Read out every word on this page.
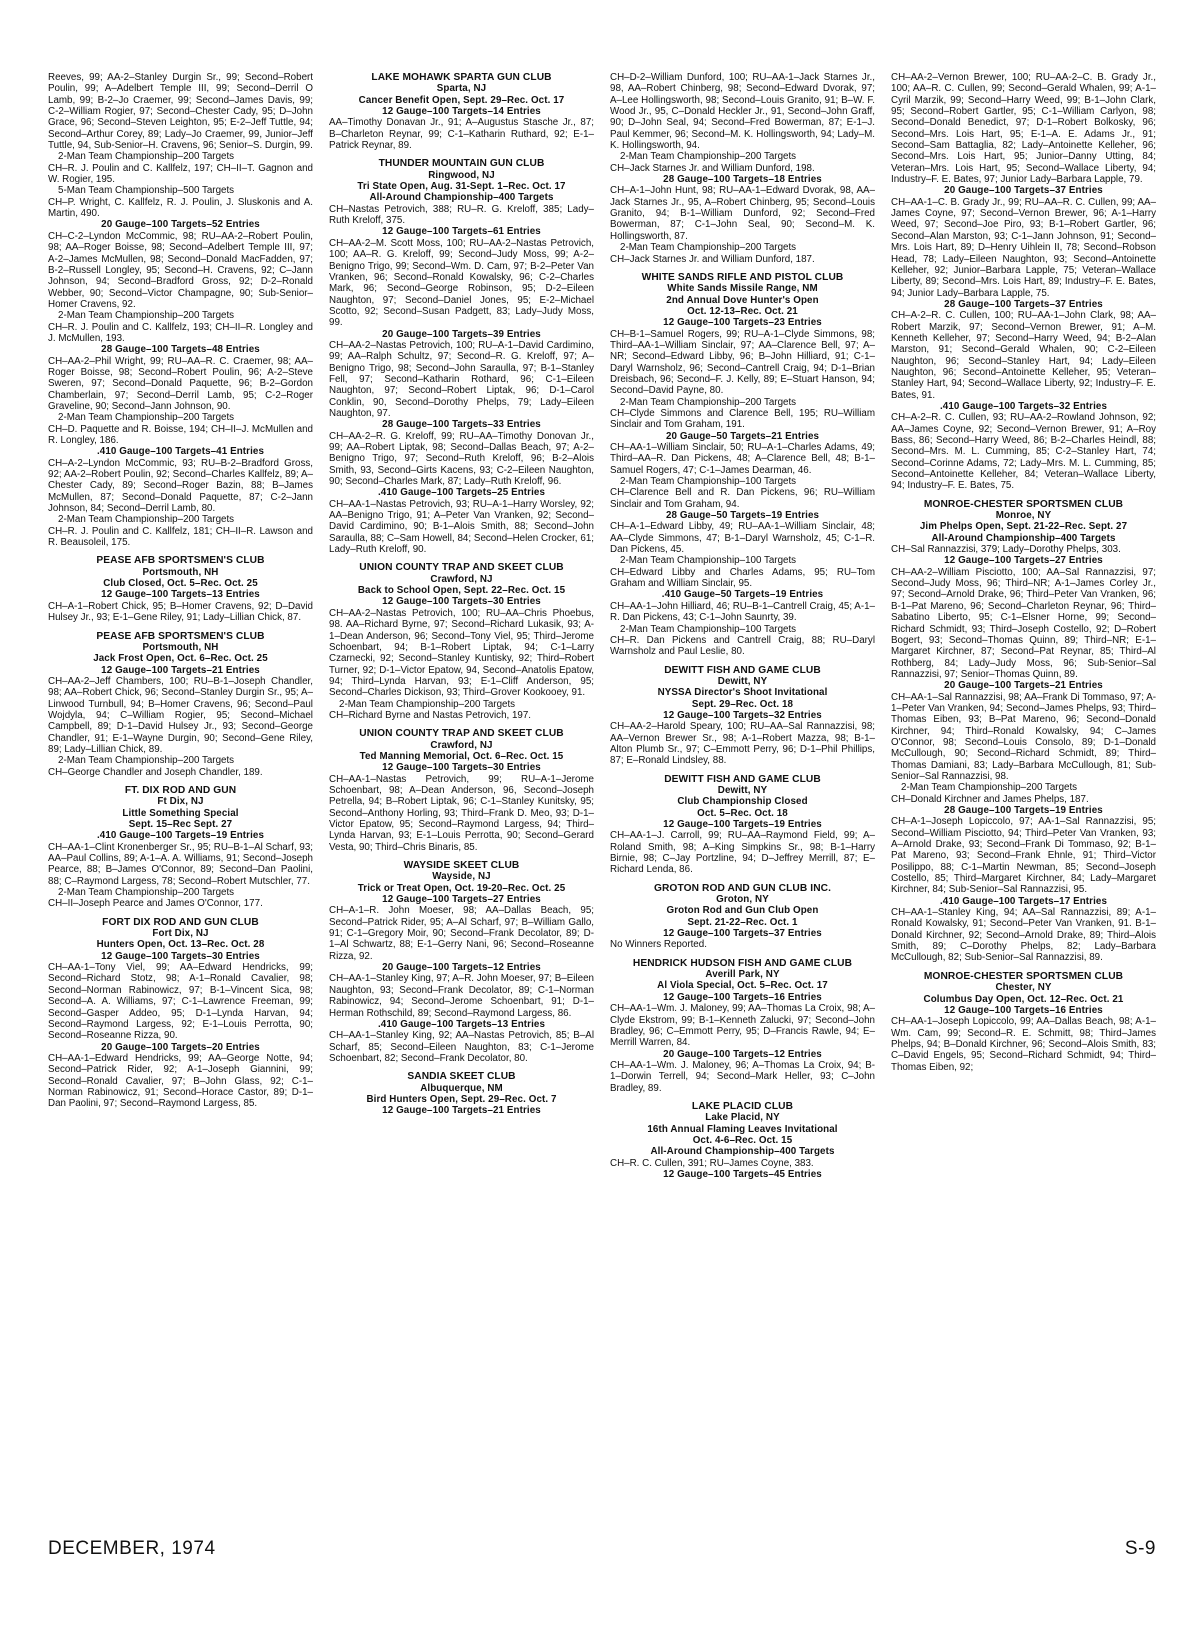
Reeves, 99; AA-2–Stanley Durgin Sr., 99; Second–Robert Poulin, 99; A–Adelbert Temple III, 99; Second–Derril O Lamb, 99; B-2–Jo Craemer, 99; Second–James Davis, 99; C-2–William Rogier, 97; Second–Chester Cady, 95; D–John Grace, 96; Second–Steven Leighton, 95; E-2–Jeff Tuttle, 94; Second–Arthur Corey, 89; Lady–Jo Craemer, 99, Junior–Jeff Tuttle, 94, Sub-Senior–H. Cravens, 96; Senior–S. Durgin, 99.

2-Man Team Championship–200 Targets

CH–R. J. Poulin and C. Kallfelz, 197; CH–II–T. Gagnon and W. Rogier, 195.

5-Man Team Championship–500 Targets

CH–P. Wright, C. Kallfelz, R. J. Poulin, J. Sluskonis and A. Martin, 490.

20 Gauge–100 Targets–52 Entries

CH–C-2–Lyndon McCommic, 98; RU–AA-2–Robert Poulin, 98; AA–Roger Boisse, 98; Second–Adelbert Temple III, 97; A-2–James McMullen, 98; Second–Donald MacFadden, 97; B-2–Russell Longley, 95; Second–H. Cravens, 92; C–Jann Johnson, 94; Second–Bradford Gross, 92; D-2–Ronald Webber, 90; Second–Victor Champagne, 90; Sub-Senior–Homer Cravens, 92.

2-Man Team Championship–200 Targets

CH–R. J. Poulin and C. Kallfelz, 193; CH–II–R. Longley and J. McMullen, 193.

28 Gauge–100 Targets–48 Entries

CH–AA-2–Phil Wright, 99; RU–AA–R. C. Craemer, 98; AA–Roger Boisse, 98; Second–Robert Poulin, 96; A-2–Steve Sweren, 97; Second–Donald Paquette, 96; B-2–Gordon Chamberlain, 97; Second–Derril Lamb, 95; C-2–Roger Graveline, 90; Second–Jann Johnson, 90.

2-Man Team Championship–200 Targets

CH–D. Paquette and R. Boisse, 194; CH–II–J. McMullen and R. Longley, 186.

.410 Gauge–100 Targets–41 Entries

CH–A-2–Lyndon McCommic, 93; RU–B-2–Bradford Gross, 92; AA-2–Robert Poulin, 92; Second–Charles Kallfelz, 89; A–Chester Cady, 89; Second–Roger Bazin, 88; B–James McMullen, 87; Second–Donald Paquette, 87; C-2–Jann Johnson, 84; Second–Derril Lamb, 80.

2-Man Team Championship–200 Targets

CH–R. J. Poulin and C. Kallfelz, 181; CH–II–R. Lawson and R. Beausoleil, 175.

PEASE AFB SPORTSMEN'S CLUB
Portsmouth, NH
Club Closed, Oct. 5–Rec. Oct. 25

12 Gauge–100 Targets–13 Entries

CH–A-1–Robert Chick, 95; B–Homer Cravens, 92; D–David Hulsey Jr., 93; E-1–Gene Riley, 91; Lady–Lillian Chick, 87.

PEASE AFB SPORTSMEN'S CLUB
Portsmouth, NH
Jack Frost Open, Oct. 6–Rec. Oct. 25

12 Gauge–100 Targets–21 Entries

CH–AA-2–Jeff Chambers, 100; RU–B-1–Joseph Chandler, 98; AA–Robert Chick, 96; Second–Stanley Durgin Sr., 95; A–Linwood Turnbull, 94; B–Homer Cravens, 96; Second–Paul Wojdyla, 94; C–William Rogier, 95; Second–Michael Campbell, 89; D-1–David Hulsey Jr., 93; Second–George Chandler, 91; E-1–Wayne Durgin, 90; Second–Gene Riley, 89; Lady–Lillian Chick, 89.

2-Man Team Championship–200 Targets

CH–George Chandler and Joseph Chandler, 189.

FT. DIX ROD AND GUN
Ft Dix, NJ
Little Something Special

Sept. 15–Rec Sept. 27

.410 Gauge–100 Targets–19 Entries

CH–AA-1–Clint Kronenberger Sr., 95; RU–B-1–Al Scharf, 93; AA–Paul Collins, 89; A-1–A. A. Williams, 91; Second–Joseph Pearce, 88; B–James O'Connor, 89; Second–Dan Paolini, 88; C–Raymond Largess, 78; Second–Robert Mutschler, 77.

2-Man Team Championship–200 Targets

CH–II–Joseph Pearce and James O'Connor, 177.

FORT DIX ROD AND GUN CLUB
Fort Dix, NJ
Hunters Open, Oct. 13–Rec. Oct. 28

12 Gauge–100 Targets–30 Entries

CH–AA-1–Tony Viel, 99; AA–Edward Hendricks, 99; Second–Richard Stotz, 98; A-1–Ronald Cavalier, 98; Second–Norman Rabinowicz, 97; B-1–Vincent Sica, 98; Second–A. A. Williams, 97; C-1–Lawrence Freeman, 99; Second–Gasper Addeo, 95; D-1–Lynda Harvan, 94; Second–Raymond Largess, 92; E-1–Louis Perrotta, 90; Second–Roseanne Rizza, 90.

20 Gauge–100 Targets–20 Entries

CH–AA-1–Edward Hendricks, 99; AA–George Notte, 94; Second–Patrick Rider, 92; A-1–Joseph Giannini, 99; Second–Ronald Cavalier, 97; B–John Glass, 92; C-1–Norman Rabinowicz, 91; Second–Horace Castor, 89; D-1–Dan Paolini, 97; Second–Raymond Largess, 85.

LAKE MOHAWK SPARTA GUN CLUB
Sparta, NJ
Cancer Benefit Open, Sept. 29–Rec. Oct. 17

12 Gauge–100 Targets–14 Entries

AA–Timothy Donavan Jr., 91; A–Augustus Stasche Jr., 87; B–Charleton Reynar, 99; C-1–Katharin Ruthard, 92; E-1–Patrick Reynar, 89.

THUNDER MOUNTAIN GUN CLUB
Ringwood, NJ
Tri State Open, Aug. 31-Sept. 1–Rec. Oct. 17

All-Around Championship–400 Targets

CH–Nastas Petrovich, 388; RU–R. G. Kreloff, 385; Lady–Ruth Kreloff, 375.

12 Gauge–100 Targets–61 Entries

CH–AA-2–M. Scott Moss, 100; RU–AA-2–Nastas Petrovich, 100; AA–R. G. Kreloff, 99; Second–Judy Moss, 99; A-2–Benigno Trigo, 99; Second–Wm. D. Cam, 97; B-2–Peter Van Vranken, 96; Second–Ronald Kowalsky, 96; C-2–Charles Mark, 96; Second–George Robinson, 95; D-2–Eileen Naughton, 97; Second–Daniel Jones, 95; E-2–Michael Scotto, 92; Second–Susan Padgett, 83; Lady–Judy Moss, 99.

20 Gauge–100 Targets–39 Entries

CH–AA-2–Nastas Petrovich, 100; RU–A-1–David Cardimino, 99; AA–Ralph Schultz, 97; Second–R. G. Kreloff, 97; A–Benigno Trigo, 98; Second–John Saraulla, 97; B-1–Stanley Fell, 97; Second–Katharin Rothard, 96; C-1–Eileen Naughton, 97; Second–Robert Liptak, 96; D-1–Carol Conklin, 90, Second–Dorothy Phelps, 79; Lady–Eileen Naughton, 97.

28 Gauge–100 Targets–33 Entries

CH–AA-2–R. G. Kreloff, 99; RU–AA–Timothy Donovan Jr., 99; AA–Robert Liptak, 98; Second–Dallas Beach, 97; A-2–Benigno Trigo, 97; Second–Ruth Kreloff, 96; B-2–Alois Smith, 93, Second–Girts Kacens, 93; C-2–Eileen Naughton, 90; Second–Charles Mark, 87; Lady–Ruth Kreloff, 96.

.410 Gauge–100 Targets–25 Entries

CH–AA-1–Nastas Petrovich, 93; RU–A-1–Harry Worsley, 92; AA–Benigno Trigo, 91; A–Peter Van Vranken, 92; Second–David Cardimino, 90; B-1–Alois Smith, 88; Second–John Saraulla, 88; C–Sam Howell, 84; Second–Helen Crocker, 61; Lady–Ruth Kreloff, 90.

UNION COUNTY TRAP AND SKEET CLUB
Crawford, NJ
Back to School Open, Sept. 22–Rec. Oct. 15

12 Gauge–100 Targets–30 Entries

CH–AA-2–Nastas Petrovich, 100; RU–AA–Chris Phoebus, 98. AA–Richard Byrne, 97; Second–Richard Lukasik, 93; A-1–Dean Anderson, 96; Second–Tony Viel, 95; Third–Jerome Schoenbart, 94; B-1–Robert Liptak, 94; C-1–Larry Czarnecki, 92; Second–Stanley Kuntisky, 92; Third–Robert Turner, 92; D-1–Victor Epatow, 94, Second–Anatolis Epatow, 94; Third–Lynda Harvan, 93; E-1–Cliff Anderson, 95; Second–Charles Dickison, 93; Third–Grover Kookooey, 91.

2-Man Team Championship–200 Targets

CH–Richard Byrne and Nastas Petrovich, 197.

UNION COUNTY TRAP AND SKEET CLUB
Crawford, NJ
Ted Manning Memorial, Oct. 6–Rec. Oct. 15

12 Gauge–100 Targets–30 Entries

CH–AA-1–Nastas Petrovich, 99; RU–A-1–Jerome Schoenbart, 98; A–Dean Anderson, 96, Second–Joseph Petrella, 94; B–Robert Liptak, 96; C-1–Stanley Kunitsky, 95; Second–Anthony Horling, 93; Third–Frank D. Meo, 93; D-1–Victor Epatow, 95; Second–Raymond Largess, 94; Third–Lynda Harvan, 93; E-1–Louis Perrotta, 90; Second–Gerard Vesta, 90; Third–Chris Binaris, 85.

WAYSIDE SKEET CLUB
Wayside, NJ
Trick or Treat Open, Oct. 19-20–Rec. Oct. 25

12 Gauge–100 Targets–27 Entries

CH–A-1–R. John Moeser, 98; AA–Dallas Beach, 95; Second–Patrick Rider, 95; A–Al Scharf, 97; B–William Gallo, 91; C-1–Gregory Moir, 90; Second–Frank Decolator, 89; D-1–Al Schwartz, 88; E-1–Gerry Nani, 96; Second–Roseanne Rizza, 92.

20 Gauge–100 Targets–12 Entries

CH–AA-1–Stanley King, 97; A–R. John Moeser, 97; B–Eileen Naughton, 93; Second–Frank Decolator, 89; C-1–Norman Rabinowicz, 94; Second–Jerome Schoenbart, 91; D-1–Herman Rothschild, 89; Second–Raymond Largess, 86.

.410 Gauge–100 Targets–13 Entries

CH–AA-1–Stanley King, 92; AA–Nastas Petrovich, 85; B–Al Scharf, 85; Second–Eileen Naughton, 83; C-1–Jerome Schoenbart, 82; Second–Frank Decolator, 80.

SANDIA SKEET CLUB
Albuquerque, NM
Bird Hunters Open, Sept. 29–Rec. Oct. 7

12 Gauge–100 Targets–21 Entries

CH–D-2–William Dunford, 100; RU–AA-1–Jack Starnes Jr., 98, AA–Robert Chinberg, 98; Second–Edward Dvorak, 97; A–Lee Hollingsworth, 98; Second–Louis Granito, 91; B–W. F. Wood Jr., 95, C–Donald Heckler Jr., 91, Second–John Graff, 90; D–John Seal, 94; Second–Fred Bowerman, 87; E-1–J. Paul Kemmer, 96; Second–M. K. Hollingsworth, 94; Lady–M. K. Hollingsworth, 94.

2-Man Team Championship–200 Targets

CH–Jack Starnes Jr. and William Dunford, 198.

28 Gauge–100 Targets–18 Entries

CH–A-1–John Hunt, 98; RU–AA-1–Edward Dvorak, 98, AA–Jack Starnes Jr., 95, A–Robert Chinberg, 95; Second–Louis Granito, 94; B-1–William Dunford, 92; Second–Fred Bowerman, 87; C-1–John Seal, 90; Second–M. K. Hollingsworth, 87.

2-Man Team Championship–200 Targets

CH–Jack Starnes Jr. and William Dunford, 187.

WHITE SANDS RIFLE AND PISTOL CLUB
White Sands Missile Range, NM
2nd Annual Dove Hunter's Open

Oct. 12-13–Rec. Oct. 21

12 Gauge–100 Targets–23 Entries

CH–B-1–Samuel Rogers, 99; RU–A-1–Clyde Simmons, 98; Third–AA-1–William Sinclair, 97; AA–Clarence Bell, 97; A–NR; Second–Edward Libby, 96; B–John Hilliard, 91; C-1–Daryl Warnsholz, 96; Second–Cantrell Craig, 94; D-1–Brian Dreisbach, 96; Second–F. J. Kelly, 89; E–Stuart Hanson, 94; Second–David Payne, 80.

2-Man Team Championship–200 Targets

CH–Clyde Simmons and Clarence Bell, 195; RU–William Sinclair and Tom Graham, 191.

20 Gauge–50 Targets–21 Entries

CH–AA-1–William Sinclair, 50; RU–A-1–Charles Adams, 49; Third–AA–R. Dan Pickens, 48; A–Clarence Bell, 48; B-1–Samuel Rogers, 47; C-1–James Dearman, 46.

2-Man Team Championship–100 Targets

CH–Clarence Bell and R. Dan Pickens, 96; RU–William Sinclair and Tom Graham, 94.

28 Gauge–50 Targets–19 Entries

CH–A-1–Edward Libby, 49; RU–AA-1–William Sinclair, 48; AA–Clyde Simmons, 47; B-1–Daryl Warnsholz, 45; C-1–R. Dan Pickens, 45.

2-Man Team Championship–100 Targets

CH–Edward Libby and Charles Adams, 95; RU–Tom Graham and William Sinclair, 95.

.410 Gauge–50 Targets–19 Entries

CH–AA-1–John Hilliard, 46; RU–B-1–Cantrell Craig, 45; A-1–R. Dan Pickens, 43; C-1–John Saunrty, 39.

2-Man Team Championship–100 Targets

CH–R. Dan Pickens and Cantrell Craig, 88; RU–Daryl Warnsholz and Paul Leslie, 80.

DEWITT FISH AND GAME CLUB
Dewitt, NY
NYSSA Director's Shoot Invitational

Sept. 29–Rec. Oct. 18

12 Gauge–100 Targets–32 Entries

CH–AA-2–Harold Speary, 100; RU–AA–Sal Rannazzisi, 98; AA–Vernon Brewer Sr., 98; A-1–Robert Mazza, 98; B-1–Alton Plumb Sr., 97; C–Emmott Perry, 96; D-1–Phil Phillips, 87; E–Ronald Lindsley, 88.

DEWITT FISH AND GAME CLUB
Dewitt, NY
Club Championship Closed

Oct. 5–Rec. Oct. 18

12 Gauge–100 Targets–19 Entries

CH–AA-1–J. Carroll, 99; RU–AA–Raymond Field, 99; A–Roland Smith, 98; A–King Simpkins Sr., 98; B-1–Harry Birnie, 98; C–Jay Portzline, 94; D–Jeffrey Merrill, 87; E–Richard Lenda, 86.

GROTON ROD AND GUN CLUB INC.
Groton, NY
Groton Rod and Gun Club Open

Sept. 21-22–Rec. Oct. 1

12 Gauge–100 Targets–37 Entries

No Winners Reported.

HENDRICK HUDSON FISH AND GAME CLUB
Averill Park, NY
Al Viola Special, Oct. 5–Rec. Oct. 17

12 Gauge–100 Targets–16 Entries

CH–AA-1–Wm. J. Maloney, 99; AA–Thomas La Croix, 98; A–Clyde Ekstrom, 99; B-1–Kenneth Zalucki, 97; Second–John Bradley, 96; C–Emmott Perry, 95; D–Francis Rawle, 94; E–Merrill Warren, 84.

20 Gauge–100 Targets–12 Entries

CH–AA-1–Wm. J. Maloney, 96; A–Thomas La Croix, 94; B-1–Dorwin Terrell, 94; Second–Mark Heller, 93; C–John Bradley, 89.

LAKE PLACID CLUB
Lake Placid, NY
16th Annual Flaming Leaves Invitational

Oct. 4-6–Rec. Oct. 15

All-Around Championship–400 Targets

CH–R. C. Cullen, 391; RU–James Coyne, 383.

12 Gauge–100 Targets–45 Entries

CH–AA-2–Vernon Brewer, 100; RU–AA-2–C. B. Grady Jr., 100; AA–R. C. Cullen, 99; Second–Gerald Whalen, 99; A-1–Cyril Marzik, 99; Second–Harry Weed, 99; B-1–John Clark, 95; Second–Robert Gartler, 95; C-1–William Carlyon, 98; Second–Donald Benedict, 97; D-1–Robert Bolkosky, 96; Second–Mrs. Lois Hart, 95; E-1–A. E. Adams Jr., 91; Second–Sam Battaglia, 82; Lady–Antoinette Kelleher, 96; Second–Mrs. Lois Hart, 95; Junior–Danny Utting, 84; Veteran–Mrs. Lois Hart, 95; Second–Wallace Liberty, 94; Industry–F. E. Bates, 97; Junior Lady–Barbara Lapple, 79.

20 Gauge–100 Targets–37 Entries

CH–AA-1–C. B. Grady Jr., 99; RU–AA–R. C. Cullen, 99; AA–James Coyne, 97; Second–Vernon Brewer, 96; A-1–Harry Weed, 97; Second–Joe Piro, 93; B-1–Robert Gartler, 96; Second–Alan Marston, 93; C-1–Jann Johnson, 91; Second–Mrs. Lois Hart, 89; D–Henry Uihlein II, 78; Second–Robson Head, 78; Lady–Eileen Naughton, 93; Second–Antoinette Kelleher, 92; Junior–Barbara Lapple, 75; Veteran–Wallace Liberty, 89; Second–Mrs. Lois Hart, 89; Industry–F. E. Bates, 94; Junior Lady–Barbara Lapple, 75.

28 Gauge–100 Targets–37 Entries

CH–A-2–R. C. Cullen, 100; RU–AA-1–John Clark, 98; AA–Robert Marzik, 97; Second–Vernon Brewer, 91; A–M. Kenneth Kelleher, 97; Second–Harry Weed, 94; B-2–Alan Marston, 91; Second–Gerald Whalen, 90; C-2–Eileen Naughton, 96; Second–Stanley Hart, 94; Lady–Eileen Naughton, 96; Second–Antoinette Kelleher, 95; Veteran–Stanley Hart, 94; Second–Wallace Liberty, 92; Industry–F. E. Bates, 91.

.410 Gauge–100 Targets–32 Entries

CH–A-2–R. C. Cullen, 93; RU–AA-2–Rowland Johnson, 92; AA–James Coyne, 92; Second–Vernon Brewer, 91; A–Roy Bass, 86; Second–Harry Weed, 86; B-2–Charles Heindl, 88; Second–Mrs. M. L. Cumming, 85; C-2–Stanley Hart, 74; Second–Corinne Adams, 72; Lady–Mrs. M. L. Cumming, 85; Second–Antoinette Kelleher, 84; Veteran–Wallace Liberty, 94; Industry–F. E. Bates, 75.

MONROE-CHESTER SPORTSMEN CLUB
Monroe, NY
Jim Phelps Open, Sept. 21-22–Rec. Sept. 27

All-Around Championship–400 Targets

CH–Sal Rannazzisi, 379; Lady–Dorothy Phelps, 303.

12 Gauge–100 Targets–27 Entries

CH–AA-2–William Pisciotto, 100; AA–Sal Rannazzisi, 97; Second–Judy Moss, 96; Third–NR; A-1–James Corley Jr., 97; Second–Arnold Drake, 96; Third–Peter Van Vranken, 96; B-1–Pat Mareno, 96; Second–Charleton Reynar, 96; Third–Sabatino Liberto, 95; C-1–Elsner Horne, 99; Second–Richard Schmidt, 93; Third–Joseph Costello, 92; D–Robert Bogert, 93; Second–Thomas Quinn, 89; Third–NR; E-1–Margaret Kirchner, 87; Second–Pat Reynar, 85; Third–Al Rothberg, 84; Lady–Judy Moss, 96; Sub-Senior–Sal Rannazzisi, 97; Senior–Thomas Quinn, 89.

20 Gauge–100 Targets–21 Entries

CH–AA-1–Sal Rannazzisi, 98; AA–Frank Di Tommaso, 97; A-1–Peter Van Vranken, 94; Second–James Phelps, 93; Third–Thomas Eiben, 93; B–Pat Mareno, 96; Second–Donald Kirchner, 94; Third–Ronald Kowalsky, 94; C–James O'Connor, 98; Second–Louis Consolo, 89; D-1–Donald McCullough, 90; Second–Richard Schmidt, 89; Third–Thomas Damiani, 83; Lady–Barbara McCullough, 81; Sub-Senior–Sal Rannazzisi, 98.

2-Man Team Championship–200 Targets

CH–Donald Kirchner and James Phelps, 187.

28 Gauge–100 Targets–19 Entries

CH–A-1–Joseph Lopiccolo, 97; AA-1–Sal Rannazzisi, 95; Second–William Pisciotto, 94; Third–Peter Van Vranken, 93; A–Arnold Drake, 93; Second–Frank Di Tommaso, 92; B-1–Pat Mareno, 93; Second–Frank Ehnle, 91; Third–Victor Posilippo, 88; C-1–Martin Newman, 85; Second–Joseph Costello, 85; Third–Margaret Kirchner, 84; Lady–Margaret Kirchner, 84; Sub-Senior–Sal Rannazzisi, 95.

.410 Gauge–100 Targets–17 Entries

CH–AA-1–Stanley King, 94; AA–Sal Rannazzisi, 89; A-1–Ronald Kowalsky, 91; Second–Peter Van Vranken, 91. B-1–Donald Kirchner, 92; Second–Arnold Drake, 89; Third–Alois Smith, 89; C–Dorothy Phelps, 82; Lady–Barbara McCullough, 82; Sub-Senior–Sal Rannazzisi, 89.

MONROE-CHESTER SPORTSMEN CLUB
Chester, NY
Columbus Day Open, Oct. 12–Rec. Oct. 21

12 Gauge–100 Targets–16 Entries

CH–AA-1–Joseph Lopiccolo, 99; AA–Dallas Beach, 98; A-1–Wm. Cam, 99; Second–R. E. Schmitt, 98; Third–James Phelps, 94; B–Donald Kirchner, 96; Second–Alois Smith, 83; C–David Engels, 95; Second–Richard Schmidt, 94; Third–Thomas Eiben, 92;

DECEMBER, 1974	S-9
